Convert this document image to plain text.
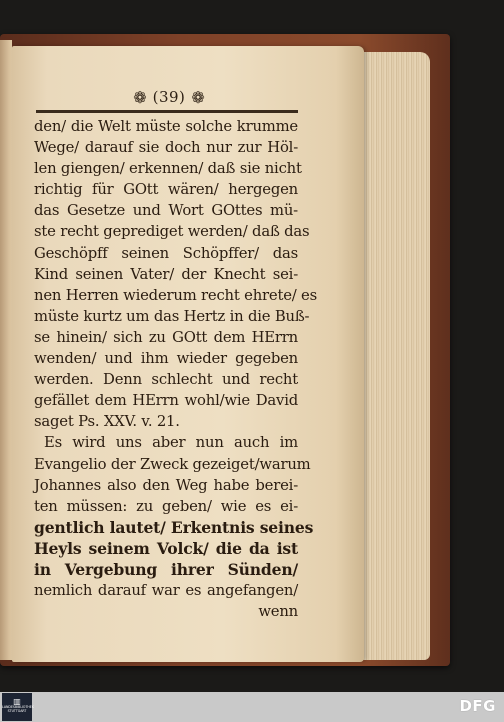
❁ (39) ❁
den/ die Welt müste solche krumme
Wege/ darauf sie doch nur zur Höl-
len giengen/ erkennen/ daß sie nicht
richtig für GOtt wären/ hergegen
das Gesetze und Wort GOttes mü-
ste recht geprediget werden/ daß das
Geschöpff seinen Schöpffer/ das
Kind seinen Vater/ der Knecht sei-
nen Herren wiederum recht ehrete/ es
müste kurtz um das Hertz in die Buß-
se hinein/ sich zu GOtt dem HErrn
wenden/ und ihm wieder gegeben
werden. Denn schlecht und recht
gefället dem HErrn wohl/wie David
saget Ps. XXV. v. 21.
Es wird uns aber nun auch im
Evangelio der Zweck gezeiget/warum
Johannes also den Weg habe berei-
ten müssen: zu geben/ wie es ei-
gentlich lautet/ Erkentnis seines
Heyls seinem Volck/ die da ist
in Vergebung ihrer Sünden/
nemlich darauf war es angefangen/
wenn
▥
LANDESBIBLIOTHEK
STUTTGART	DFG
